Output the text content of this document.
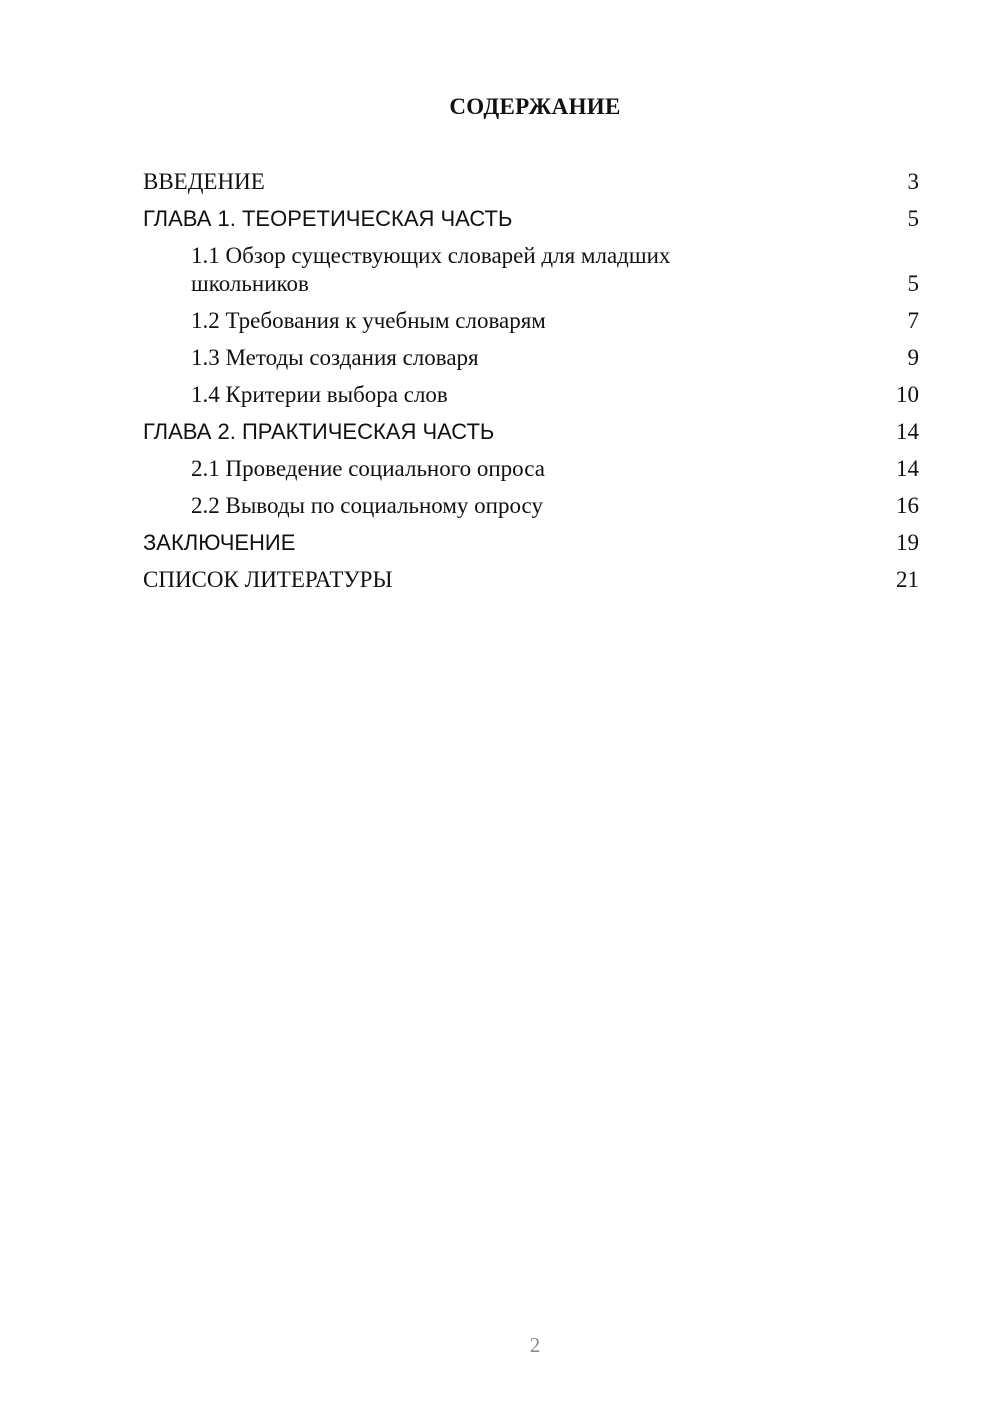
СОДЕРЖАНИЕ
ВВЕДЕНИЕ	3
ГЛАВА 1. ТЕОРЕТИЧЕСКАЯ ЧАСТЬ	5
1.1 Обзор существующих словарей для младших школьников	5
1.2 Требования к учебным словарям	7
1.3 Методы создания словаря	9
1.4 Критерии выбора слов	10
ГЛАВА 2. ПРАКТИЧЕСКАЯ ЧАСТЬ	14
2.1 Проведение социального опроса	14
2.2 Выводы по социальному опросу	16
ЗАКЛЮЧЕНИЕ	19
СПИСОК ЛИТЕРАТУРЫ	21
2
